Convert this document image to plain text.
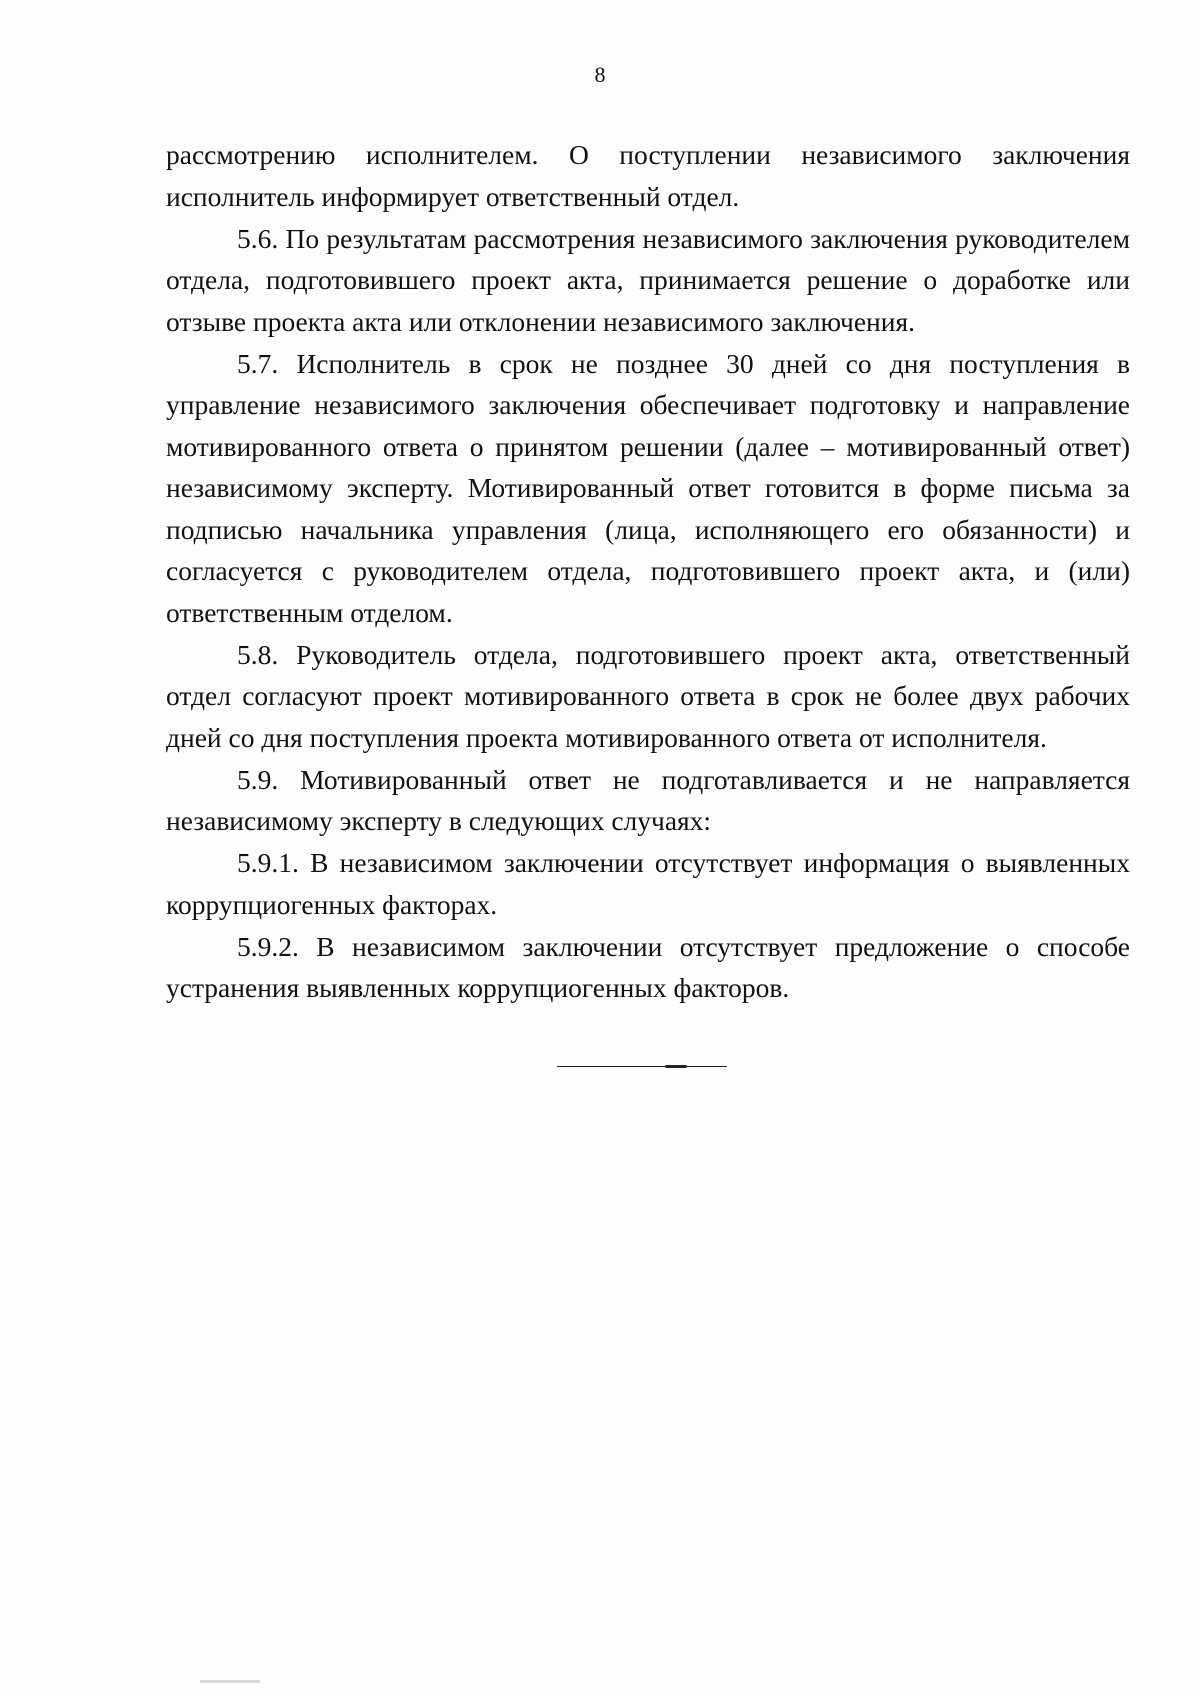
8

рассмотрению исполнителем. О поступлении независимого заключения исполнитель информирует ответственный отдел.

5.6. По результатам рассмотрения независимого заключения руководителем отдела, подготовившего проект акта, принимается решение о доработке или отзыве проекта акта или отклонении независимого заключения.

5.7. Исполнитель в срок не позднее 30 дней со дня поступления в управление независимого заключения обеспечивает подготовку и направление мотивированного ответа о принятом решении (далее – мотивированный ответ) независимому эксперту. Мотивированный ответ готовится в форме письма за подписью начальника управления (лица, исполняющего его обязанности) и согласуется с руководителем отдела, подготовившего проект акта, и (или) ответственным отделом.

5.8. Руководитель отдела, подготовившего проект акта, ответственный отдел согласуют проект мотивированного ответа в срок не более двух рабочих дней со дня поступления проекта мотивированного ответа от исполнителя.

5.9. Мотивированный ответ не подготавливается и не направляется независимому эксперту в следующих случаях:

5.9.1. В независимом заключении отсутствует информация о выявленных коррупциогенных факторах.

5.9.2. В независимом заключении отсутствует предложение о способе устранения выявленных коррупциогенных факторов.
